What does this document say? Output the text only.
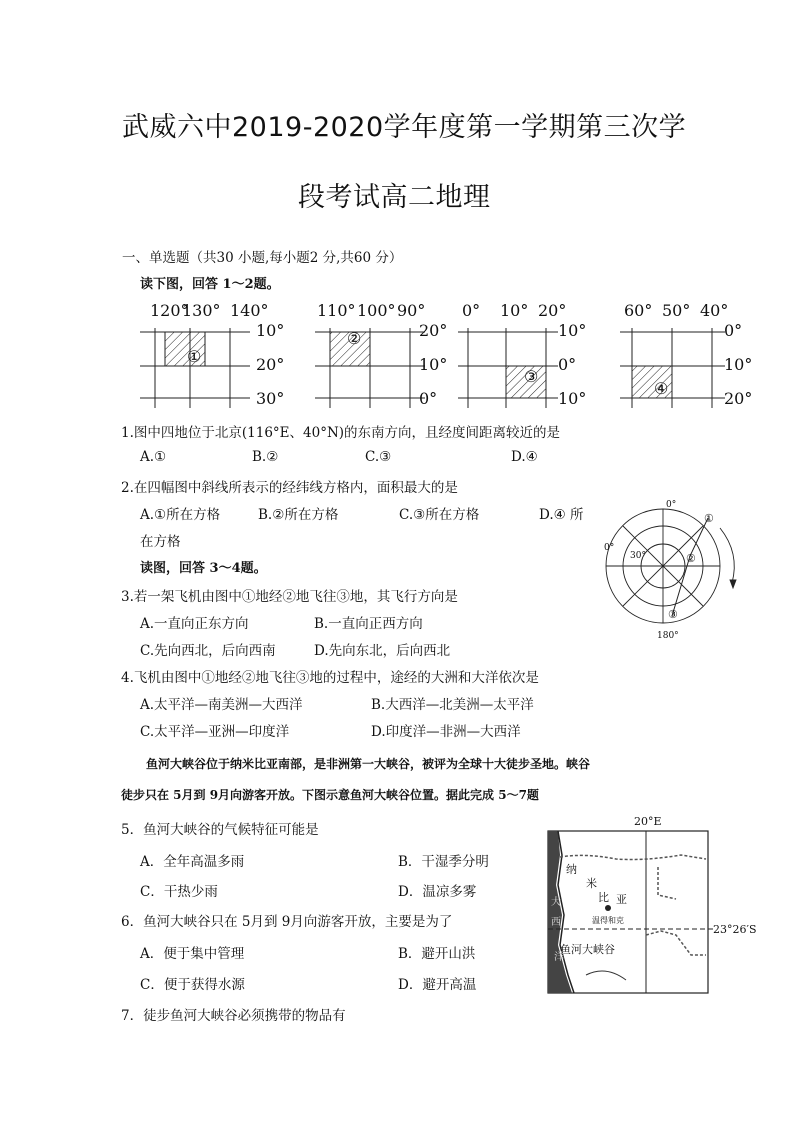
武威六中2019-2020学年度第一学期第三次学
段考试高二地理
一、单选题（共30 小题,每小题2 分,共60 分）
读下图，回答 1～2题。
120°
130° 140°
10°
20°
30°
①
110° 100° 90°
20°
10°
0°
②
0° 10° 20°
10°
0°
10°
③
60° 50° 40°
0°
10°
20°
④
1.图中四地位于北京(116°E、40°N)的东南方向，且经度间距离较近的是
A.①	B.②	C.③	D.④
2.在四幅图中斜线所表示的经纬线方格内，面积最大的是
A.①所在方格	B.②所在方格	C.③所在方格	D.④ 所
在方格
读图，回答 3～4题。
0°
0°
180°
30°
①
②
③
3.若一架飞机由图中①地经②地飞往③地，其飞行方向是
A.一直向正东方向	B.一直向正西方向
C.先向西北，后向西南	D.先向东北，后向西北
4.飞机由图中①地经②地飞往③地的过程中，途经的大洲和大洋依次是
A.太平洋—南美洲—大西洋	B.大西洋—北美洲—太平洋
C.太平洋—亚洲—印度洋	D.印度洋—非洲—大西洋
鱼河大峡谷位于纳米比亚南部，是非洲第一大峡谷，被评为全球十大徒步圣地。峡谷
徒步只在 5月到 9月向游客开放。下图示意鱼河大峡谷位置。据此完成 5～7题
20°E
23°26′S
纳
米
比 亚
温得和克
鱼河大峡谷
大
西
洋
5．鱼河大峡谷的气候特征可能是
A．全年高温多雨	B．干湿季分明
C．干热少雨	D．温凉多雾
6．鱼河大峡谷只在 5月到 9月向游客开放，主要是为了
A．便于集中管理	B．避开山洪
C．便于获得水源	D．避开高温
7．徒步鱼河大峡谷必须携带的物品有
